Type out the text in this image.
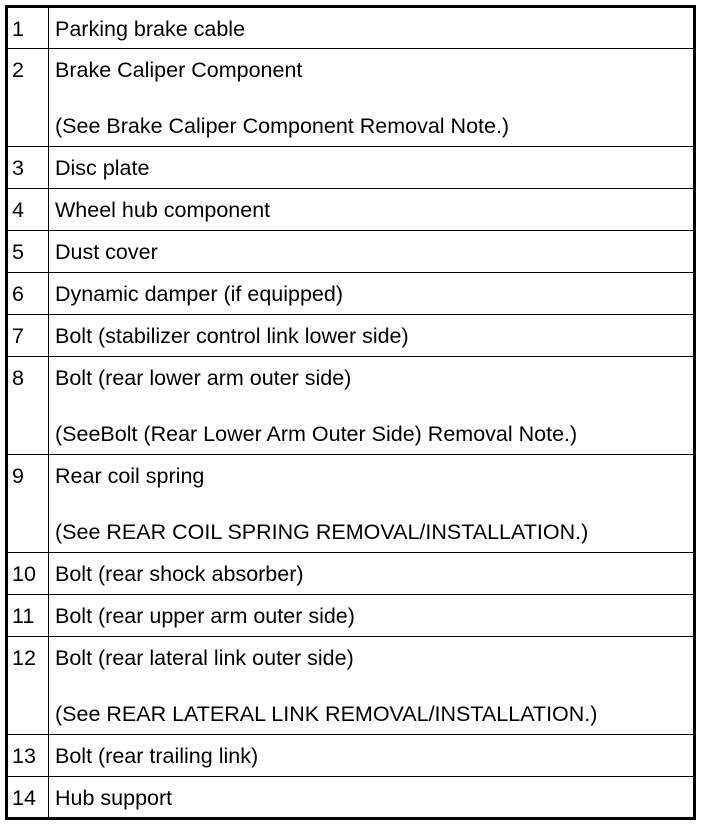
1	Parking brake cable
2	Brake Caliper Component
(See Brake Caliper Component Removal Note.)

3	Disc plate
4	Wheel hub component
5	Dust cover
6	Dynamic damper (if equipped)
7	Bolt (stabilizer control link lower side)
8	Bolt (rear lower arm outer side)
(SeeBolt (Rear Lower Arm Outer Side) Removal Note.)

9	Rear coil spring
(See REAR COIL SPRING REMOVAL/INSTALLATION.)

10	Bolt (rear shock absorber)
11	Bolt (rear upper arm outer side)
12	Bolt (rear lateral link outer side)
(See REAR LATERAL LINK REMOVAL/INSTALLATION.)

13	Bolt (rear trailing link)
14	Hub support
